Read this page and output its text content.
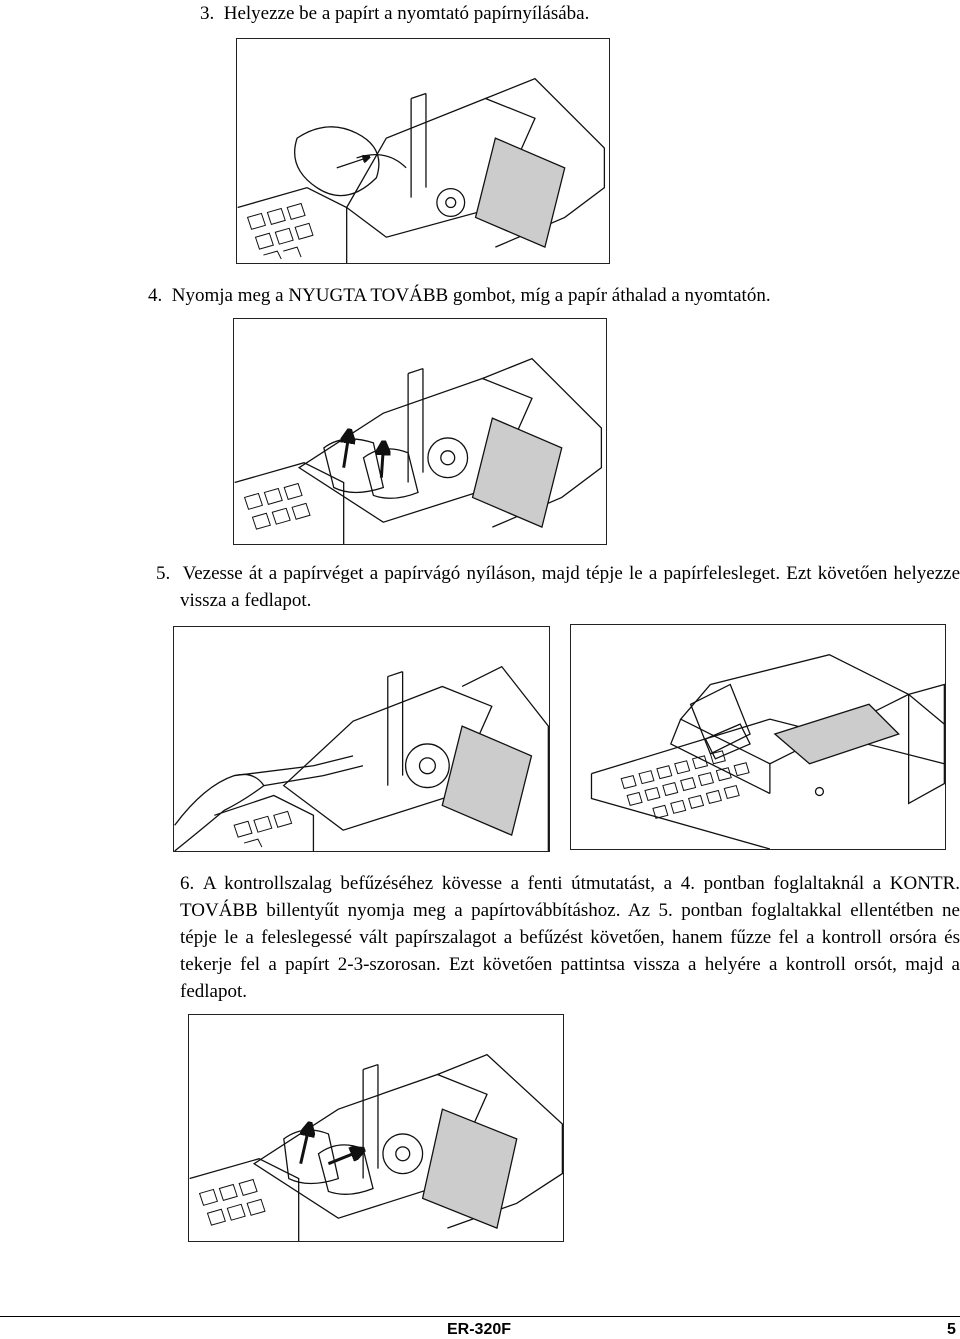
3. Helyezze be a papírt a nyomtató papírnyílásába.
4. Nyomja meg a NYUGTA TOVÁBB gombot, míg a papír áthalad a nyomtatón.
5. Vezesse át a papírvéget a papírvágó nyíláson, majd tépje le a papírfelesleget. Ezt követően helyezze vissza a fedlapot.
6. A kontrollszalag befűzéséhez kövesse a fenti útmutatást, a 4. pontban foglaltaknál a KONTR. TOVÁBB billentyűt nyomja meg a papírtovábbításhoz. Az 5. pontban foglaltakkal ellentétben ne tépje le a feleslegessé vált papírszalagot a befűzést követően, hanem fűzze fel a kontroll orsóra és tekerje fel a papírt 2-3-szorosan. Ezt követően pattintsa vissza a helyére a kontroll orsót, majd a fedlapot.
ER-320F	5
